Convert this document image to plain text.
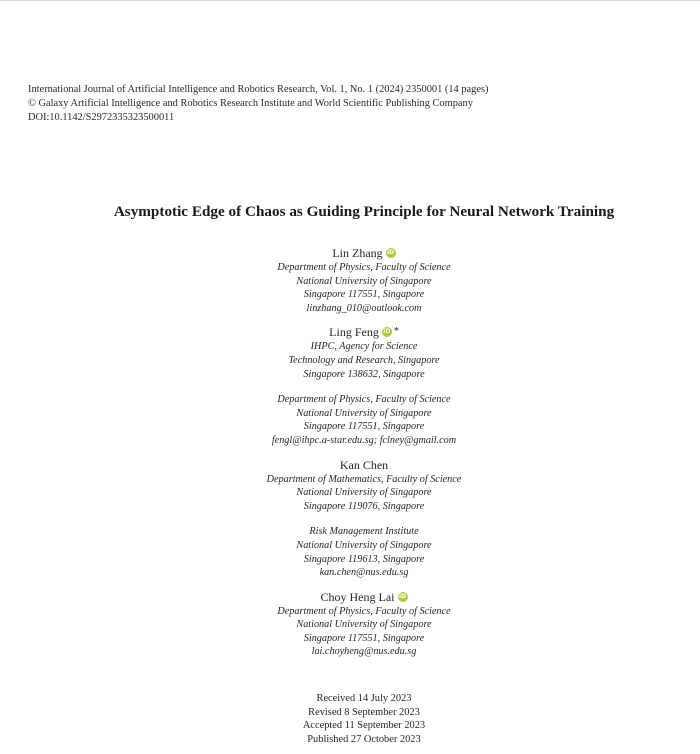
International Journal of Artificial Intelligence and Robotics Research, Vol. 1, No. 1 (2024) 2350001 (14 pages)
© Galaxy Artificial Intelligence and Robotics Research Institute and World Scientific Publishing Company
DOI:10.1142/S2972335323500011
Asymptotic Edge of Chaos as Guiding Principle for Neural Network Training
Lin Zhang iD
Department of Physics, Faculty of Science
National University of Singapore
Singapore 117551, Singapore
linzhang_010@outlook.com
Ling Feng iD *
IHPC, Agency for Science
Technology and Research, Singapore
Singapore 138632, Singapore
Department of Physics, Faculty of Science
National University of Singapore
Singapore 117551, Singapore
fengl@ihpc.a-star.edu.sg; fclney@gmail.com
Kan Chen
Department of Mathematics, Faculty of Science
National University of Singapore
Singapore 119076, Singapore
Risk Management Institute
National University of Singapore
Singapore 119613, Singapore
kan.chen@nus.edu.sg
Choy Heng Lai iD
Department of Physics, Faculty of Science
National University of Singapore
Singapore 117551, Singapore
lai.choyheng@nus.edu.sg
Received 14 July 2023
Revised 8 September 2023
Accepted 11 September 2023
Published 27 October 2023
